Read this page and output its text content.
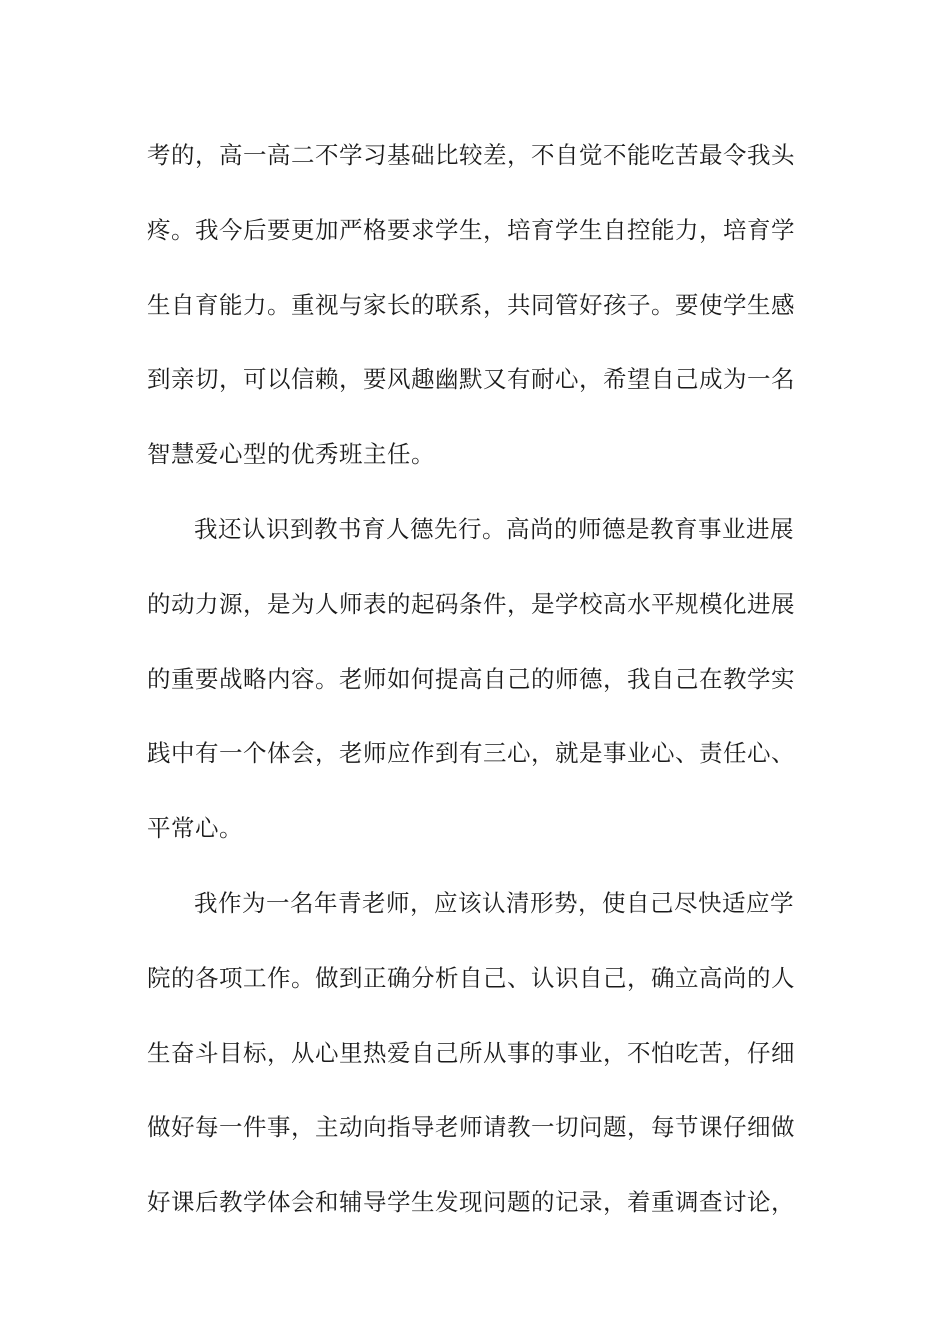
考的，高一高二不学习基础比较差，不自觉不能吃苦最令我头
疼。我今后要更加严格要求学生，培育学生自控能力，培育学
生自育能力。重视与家长的联系，共同管好孩子。要使学生感
到亲切，可以信赖，要风趣幽默又有耐心，希望自己成为一名
智慧爱心型的优秀班主任。
我还认识到教书育人德先行。高尚的师德是教育事业进展
的动力源，是为人师表的起码条件，是学校高水平规模化进展
的重要战略内容。老师如何提高自己的师德，我自己在教学实
践中有一个体会，老师应作到有三心，就是事业心、责任心、
平常心。
我作为一名年青老师，应该认清形势，使自己尽快适应学
院的各项工作。做到正确分析自己、认识自己，确立高尚的人
生奋斗目标，从心里热爱自己所从事的事业，不怕吃苦，仔细
做好每一件事，主动向指导老师请教一切问题，每节课仔细做
好课后教学体会和辅导学生发现问题的记录，着重调查讨论，
